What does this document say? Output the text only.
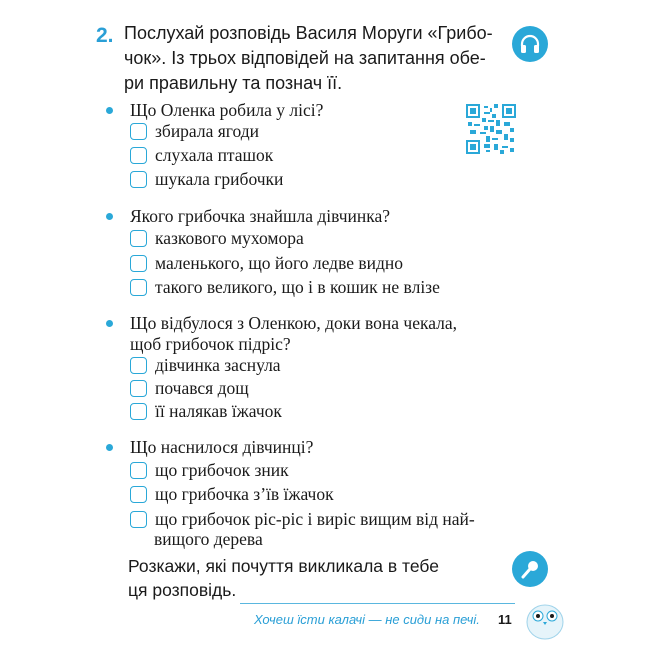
2. Послухай розповідь Василя Моруги «Грибо-
чок». Із трьох відповідей на запитання обе-
ри правильну та познач її.
Що Оленка робила у лісі?
збирала ягоди
слухала пташок
шукала грибочки
Якого грибочка знайшла дівчинка?
казкового мухомора
маленького, що його ледве видно
такого великого, що і в кошик не влізе
Що відбулося з Оленкою, доки вона чекала,
щоб грибочок підріс?
дівчинка заснула
почався дощ
її налякав їжачок
Що наснилося дівчинці?
що грибочок зник
що грибочка з’їв їжачок
що грибочок ріс-ріс і виріс вищим від най-
вищого дерева
Розкажи, які почуття викликала в тебе
ця розповідь.
Хочеш їсти калачі — не сиди на печі. 11
